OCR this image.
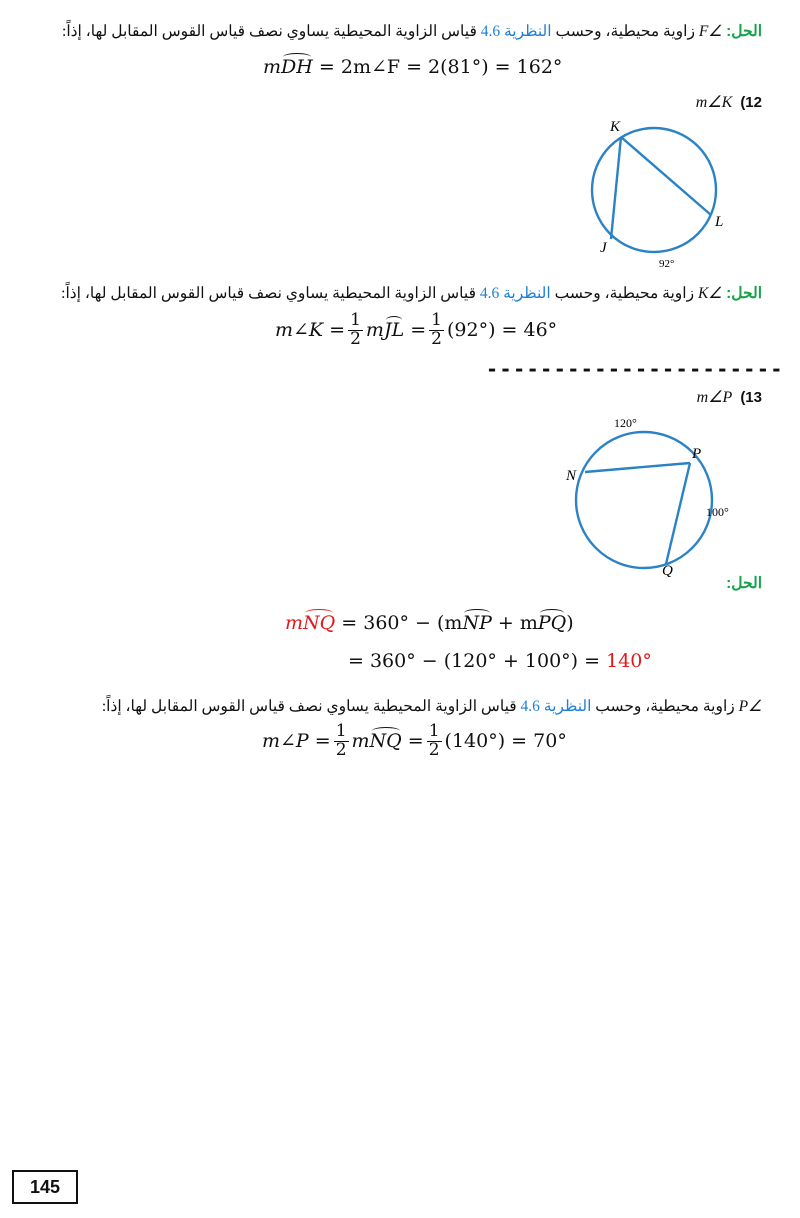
الحل: ∠F زاوية محيطية، وحسب النظرية 4.6 قياس الزاوية المحيطية يساوي نصف قياس القوس المقابل لها، إذاً:
m DH
= 2m∠F = 2(81°) = 162°
m∠K (12
K
L
J
92°
الحل: ∠K زاوية محيطية، وحسب النظرية 4.6 قياس الزاوية المحيطية يساوي نصف قياس القوس المقابل لها، إذاً:
m∠K = $\frac{1}{2}$ m JL
= $\frac{1}{2} (92^\circ) = 46^\circ$
----------------------
m∠P (13
120°
N
P
100°
Q
الحل:
m NQ
= 360° − (m NP
+ m PQ )
= 360° − (120° + 100°) =
140°
∠P زاوية محيطية، وحسب النظرية 4.6 قياس الزاوية المحيطية يساوي نصف قياس القوس المقابل لها، إذاً:
m∠P = $\frac{1}{2}$ m NQ
= $\frac{1}{2} (140^\circ) = 70^\circ$
145
